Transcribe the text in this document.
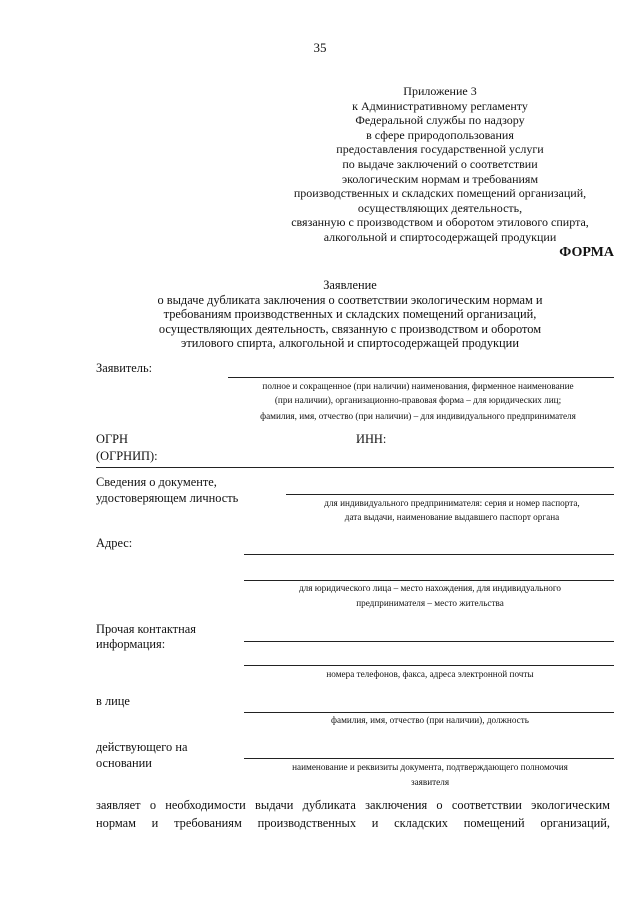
35
Приложение 3
к Административному регламенту
Федеральной службы по надзору
в сфере природопользования
предоставления государственной услуги
по выдаче заключений о соответствии
экологическим нормам и требованиям
производственных и складских помещений организаций,
осуществляющих деятельность,
связанную с производством и оборотом этилового спирта,
алкогольной и спиртосодержащей продукции
ФОРМА
Заявление
о выдаче дубликата заключения о соответствии экологическим нормам и
требованиям производственных и складских помещений организаций,
осуществляющих деятельность, связанную с производством и оборотом
этилового спирта, алкогольной и спиртосодержащей продукции
Заявитель:
полное и сокращенное (при наличии) наименования, фирменное наименование
(при наличии), организационно-правовая форма – для юридических лиц;
фамилия, имя, отчество (при наличии) – для индивидуального предпринимателя
ОГРН
(ОГРНИП):
ИНН:
Сведения о документе,
удостоверяющем личность	для индивидуального предпринимателя: серия и номер паспорта,
дата выдачи, наименование выдавшего паспорт органа
Адрес:
для юридического лица – место нахождения, для индивидуального
предпринимателя – место жительства
Прочая контактная
информация:
номера телефонов, факса, адреса электронной почты
в лице
фамилия, имя, отчество (при наличии), должность
действующего на
основании	наименование и реквизиты документа, подтверждающего полномочия
заявителя
заявляет о необходимости выдачи дубликата заключения о соответствии экологическим
нормам и требованиям производственных и складских помещений организаций,
